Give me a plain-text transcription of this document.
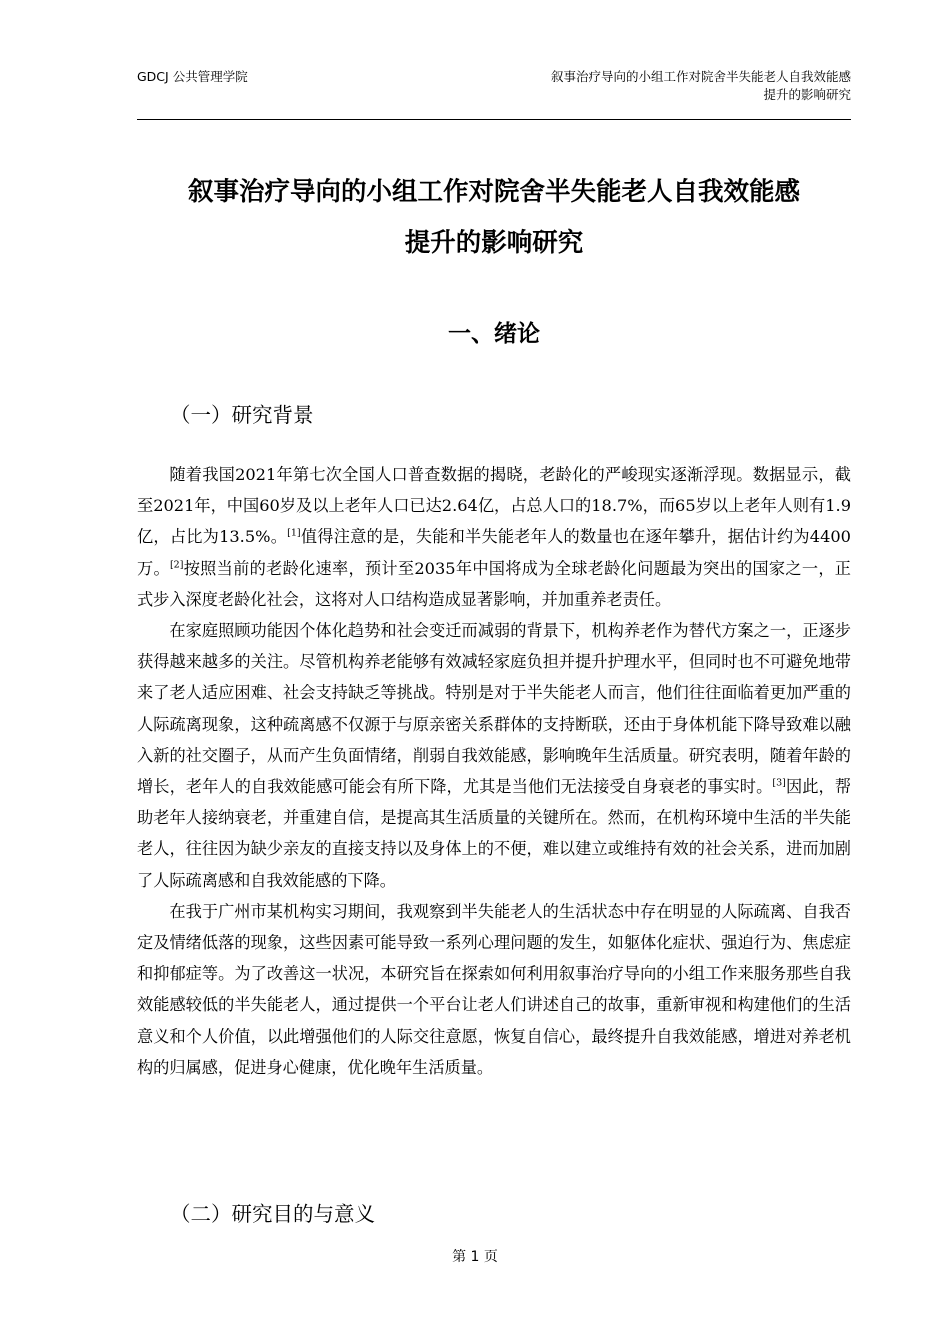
GDCJ 公共管理学院	叙事治疗导向的小组工作对院舍半失能老人自我效能感提升的影响研究
叙事治疗导向的小组工作对院舍半失能老人自我效能感
提升的影响研究
一、绪论
（一）研究背景

随着我国2021年第七次全国人口普查数据的揭晓，老龄化的严峻现实逐渐浮现。数据显示，截至2021年，中国60岁及以上老年人口已达2.64亿，占总人口的18.7%，而65岁以上老年人则有1.9亿，占比为13.5%。[1]值得注意的是，失能和半失能老年人的数量也在逐年攀升，据估计约为4400万。[2]按照当前的老龄化速率，预计至2035年中国将成为全球老龄化问题最为突出的国家之一，正式步入深度老龄化社会，这将对人口结构造成显著影响，并加重养老责任。

在家庭照顾功能因个体化趋势和社会变迁而减弱的背景下，机构养老作为替代方案之一，正逐步获得越来越多的关注。尽管机构养老能够有效减轻家庭负担并提升护理水平，但同时也不可避免地带来了老人适应困难、社会支持缺乏等挑战。特别是对于半失能老人而言，他们往往面临着更加严重的人际疏离现象，这种疏离感不仅源于与原亲密关系群体的支持断联，还由于身体机能下降导致难以融入新的社交圈子，从而产生负面情绪，削弱自我效能感，影响晚年生活质量。研究表明，随着年龄的增长，老年人的自我效能感可能会有所下降，尤其是当他们无法接受自身衰老的事实时。[3]因此，帮助老年人接纳衰老，并重建自信，是提高其生活质量的关键所在。然而，在机构环境中生活的半失能老人，往往因为缺少亲友的直接支持以及身体上的不便，难以建立或维持有效的社会关系，进而加剧了人际疏离感和自我效能感的下降。

在我于广州市某机构实习期间，我观察到半失能老人的生活状态中存在明显的人际疏离、自我否定及情绪低落的现象，这些因素可能导致一系列心理问题的发生，如躯体化症状、强迫行为、焦虑症和抑郁症等。为了改善这一状况，本研究旨在探索如何利用叙事治疗导向的小组工作来服务那些自我效能感较低的半失能老人，通过提供一个平台让老人们讲述自己的故事，重新审视和构建他们的生活意义和个人价值，以此增强他们的人际交往意愿，恢复自信心，最终提升自我效能感，增进对养老机构的归属感，促进身心健康，优化晚年生活质量。

（二）研究目的与意义
第 1 页
